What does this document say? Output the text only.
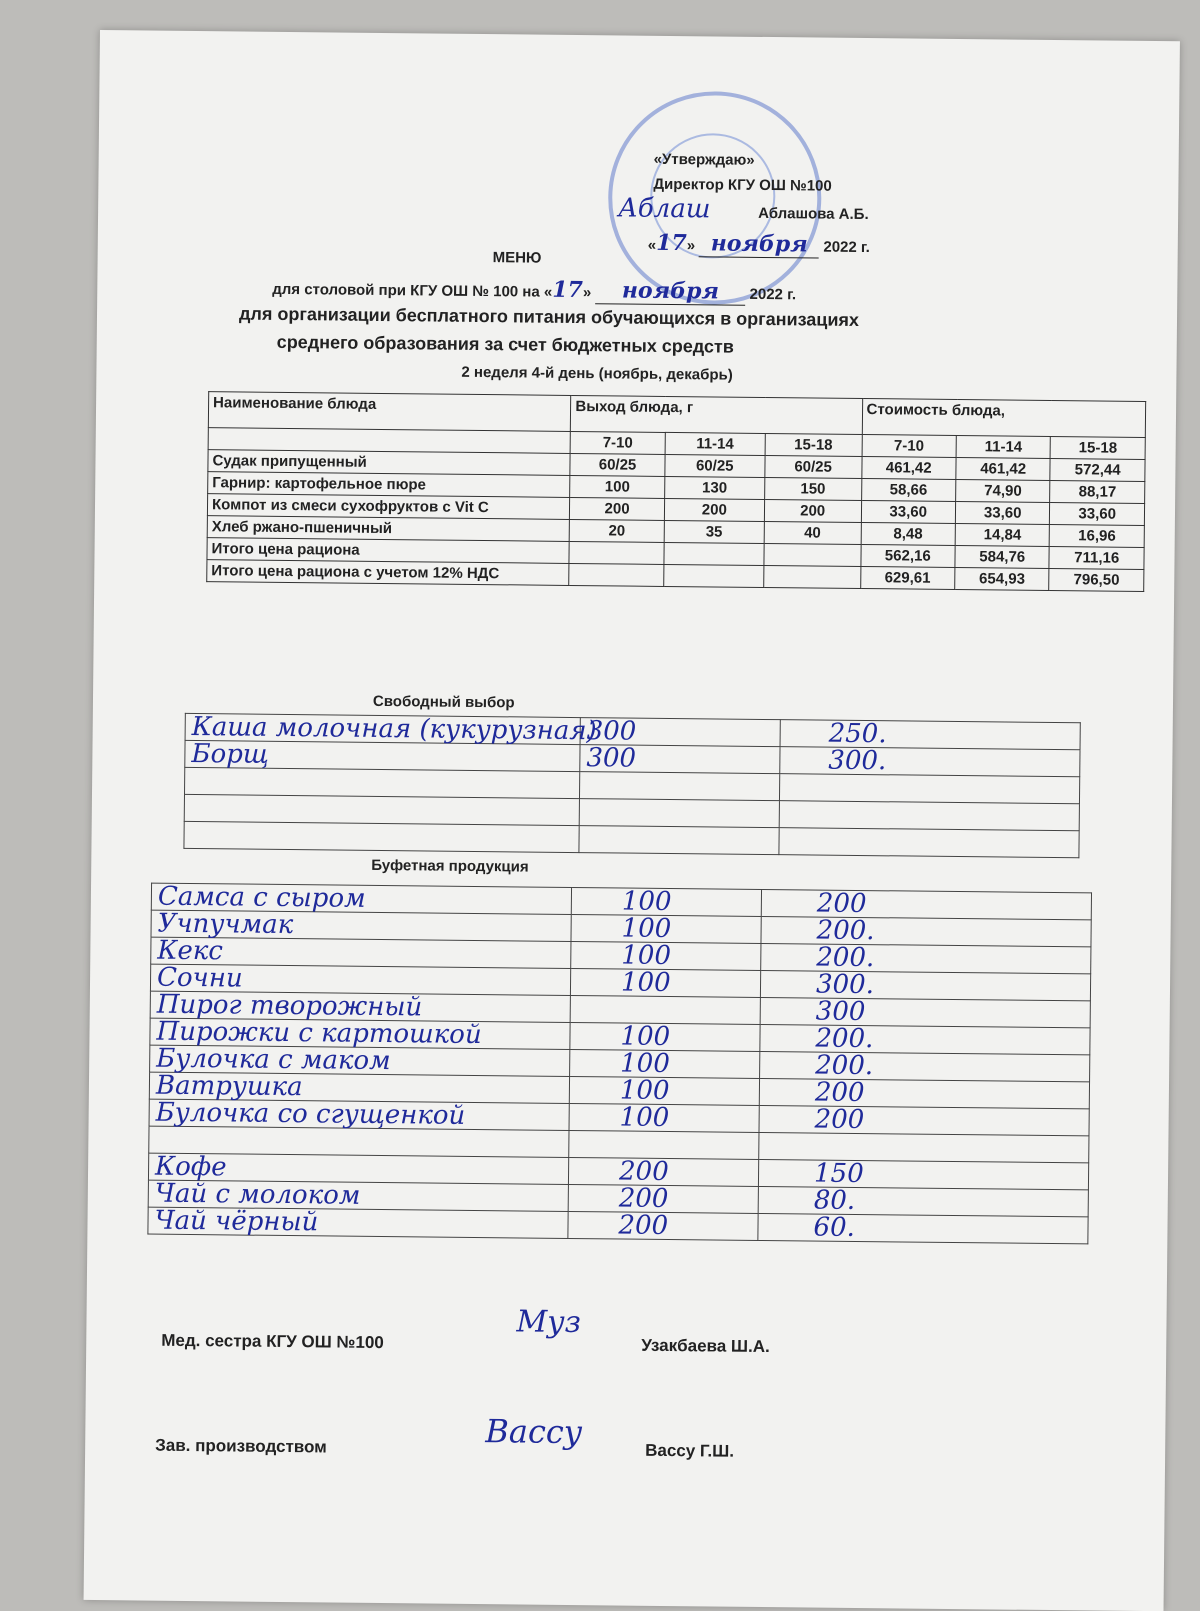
«Утверждаю»
Директор КГУ ОШ №100
Аблаш	Аблашова А.Б.
«17» ноября 2022 г.
МЕНЮ
для столовой при КГУ ОШ № 100 на «17» ноября 2022 г.
для организации бесплатного питания обучающихся в организациях
среднего образования за счет бюджетных средств
2 неделя 4-й день (ноябрь, декабрь)
Наименование блюда	Выход блюда, г			Стоимость блюда,		
	7-10	11-14	15-18	7-10	11-14	15-18
Судак припущенный	60/25	60/25	60/25	461,42	461,42	572,44
Гарнир: картофельное пюре	100	130	150	58,66	74,90	88,17
Компот из смеси сухофруктов с Vit C	200	200	200	33,60	33,60	33,60
Хлеб ржано-пшеничный	20	35	40	8,48	14,84	16,96
Итого цена рациона				562,16	584,76	711,16
Итого цена рациона с учетом 12% НДС				629,61	654,93	796,50
Свободный выбор
Каша молочная (кукурузная)	300	250.
Борщ	300	300.

Буфетная продукция
Самса с сыром	100	200
Учпучмак	100	200.
Кекс	100	200.
Сочни	100	300.
Пирог творожный		300
Пирожки с картошкой	100	200.
Булочка с маком	100	200.
Ватрушка	100	200
Булочка со сгущенкой	100	200

Кофе	200	150
Чай с молоком	200	80.
Чай чёрный	200	60.
Мед. сестра КГУ ОШ №100
Муз
Узакбаева Ш.А.
Зав. производством	Вассу	Вассу Г.Ш.
